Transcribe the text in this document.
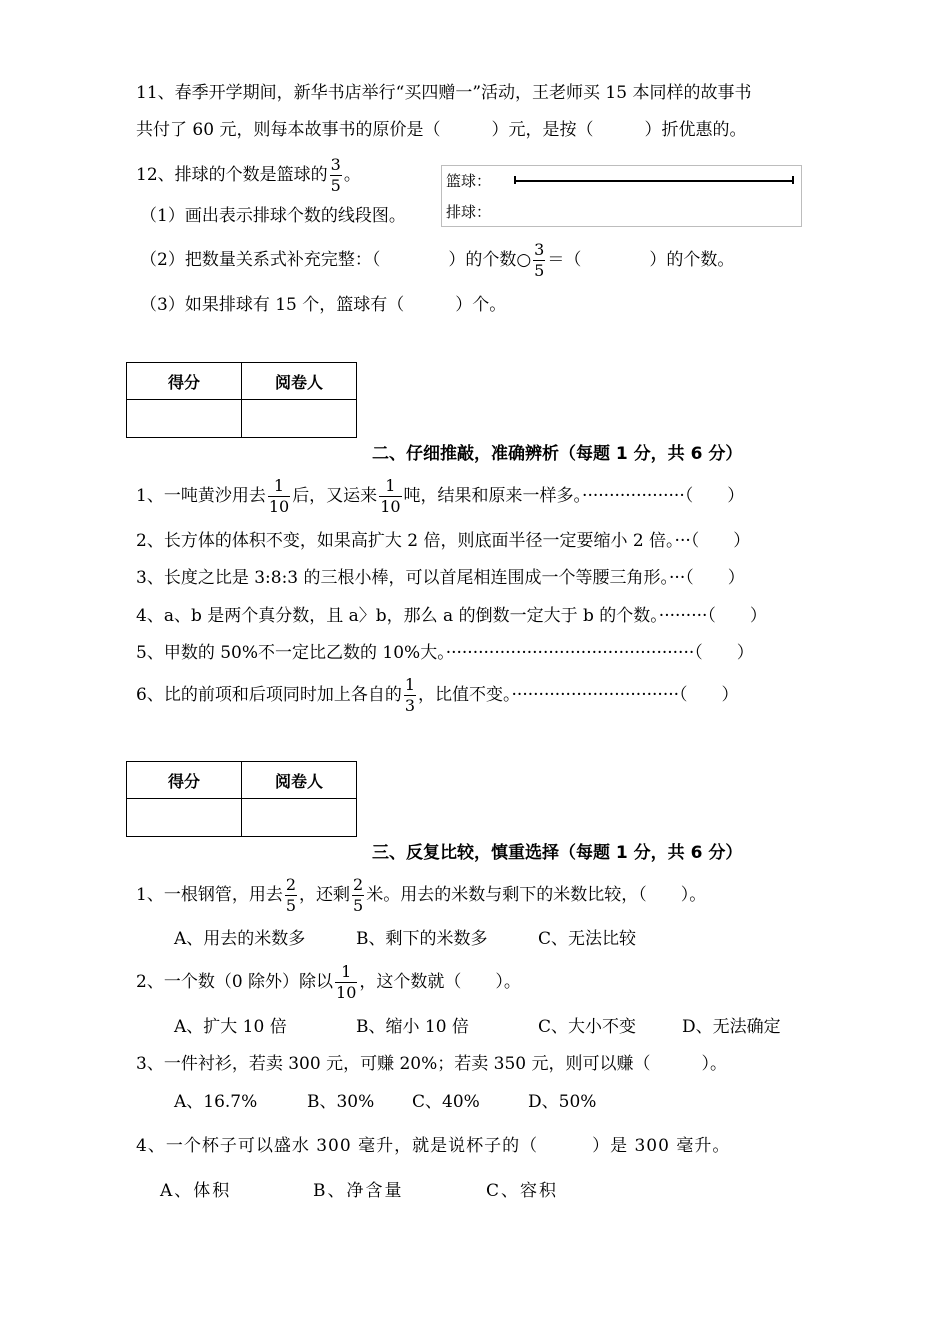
11、春季开学期间，新华书店举行“买四赠一”活动，王老师买 15 本同样的故事书
共付了 60 元，则每本故事书的原价是（　　　）元，是按（　　　）折优惠的。
12、排球的个数是篮球的 $\frac{3}{5}$ 。	篮球：
排球：
（1）画出表示排球个数的线段图。
（2）把数量关系式补充完整：（　　　　）的个数○ $\frac{3}{5}$ ＝（　　　　）的个数。
（3）如果排球有 15 个，篮球有（　　　）个。
得分	阅卷人

二、仔细推敲，准确辨析（每题 1 分，共 6 分）
1、一吨黄沙用去 $\frac{1}{10}$ 后，又运来 $\frac{1}{10}$ 吨，结果和原来一样多。···················（　　）
2、长方体的体积不变，如果高扩大 2 倍，则底面半径一定要缩小 2 倍。···（　　）
3、长度之比是 3:8:3 的三根小棒，可以首尾相连围成一个等腰三角形。···（　　）
4、a、b 是两个真分数，且 a〉b，那么 a 的倒数一定大于 b 的个数。·········（　　）
5、甲数的 50%不一定比乙数的 10%大。··············································（　　）
6、比的前项和后项同时加上各自的 $\frac{1}{3}$ ，比值不变。·······························（　　）
得分	阅卷人

三、反复比较，慎重选择（每题 1 分，共 6 分）
1、一根钢管，用去 $\frac{2}{5}$ ，还剩 $\frac{2}{5}$ 米。用去的米数与剩下的米数比较，（　　）。
A、用去的米数多	B、剩下的米数多	C、无法比较
2、一个数（0 除外）除以 $\frac{1}{10}$ ，这个数就（　　）。
A、扩大 10 倍	B、缩小 10 倍	C、大小不变	D、无法确定
3、一件衬衫，若卖 300 元，可赚 20%；若卖 350 元，则可以赚（　　　）。
A、16.7%	B、30% C、40%	D、50%
4、一个杯子可以盛水 300 毫升，就是说杯子的（　　　）是 300 毫升。
A、体积	B、净含量	C、容积
